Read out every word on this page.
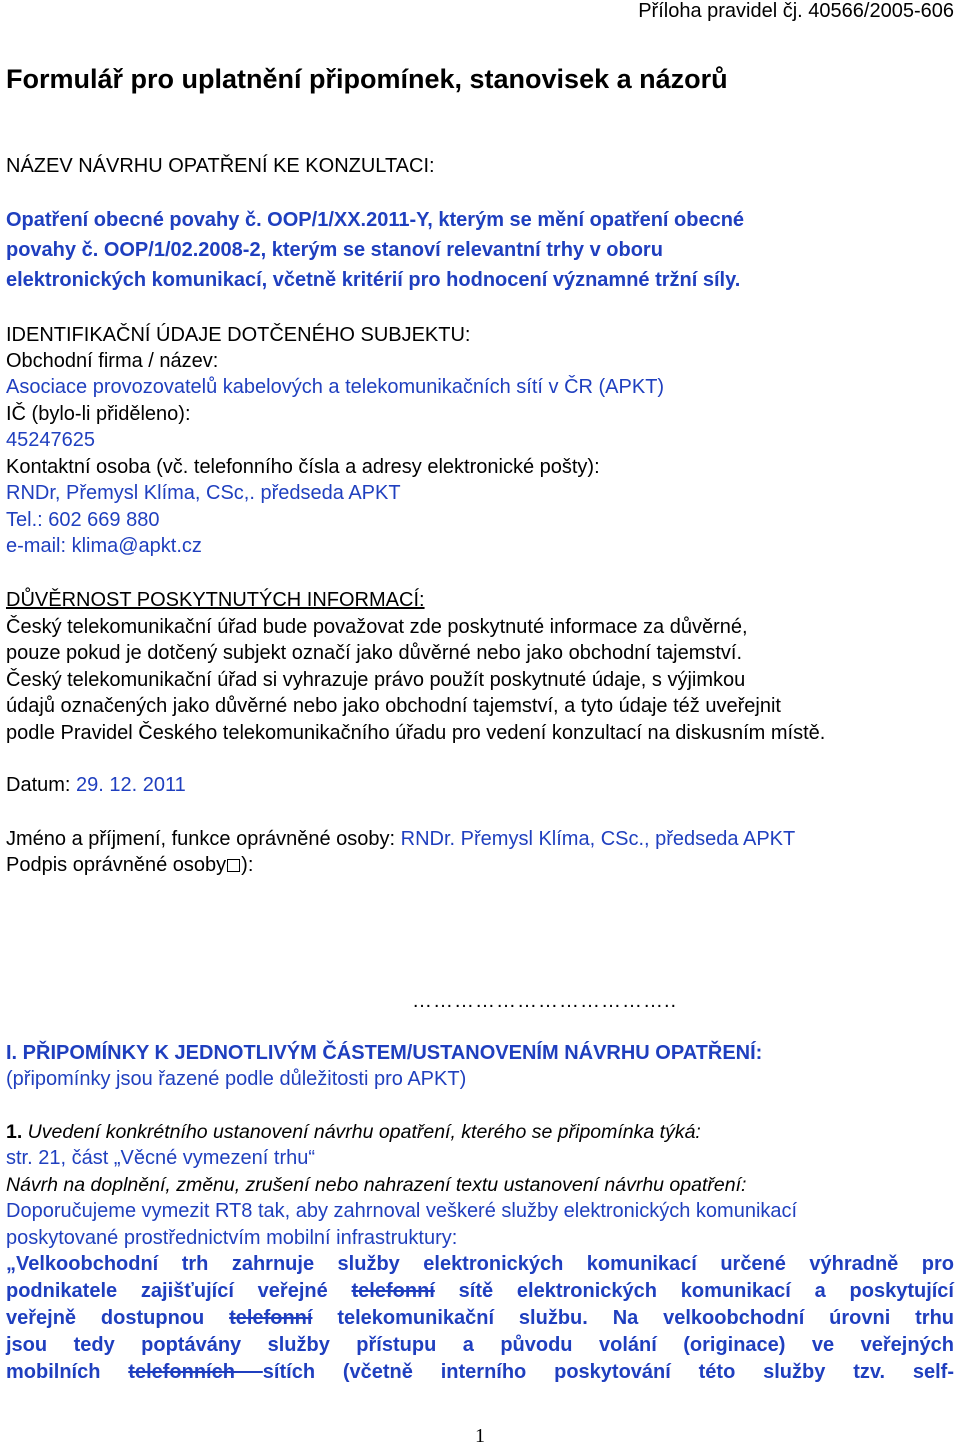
Příloha pravidel čj. 40566/2005-606
Formulář pro uplatnění připomínek, stanovisek a názorů
NÁZEV NÁVRHU OPATŘENÍ KE KONZULTACI:
Opatření obecné povahy č. OOP/1/XX.2011-Y, kterým se mění opatření obecné
povahy č. OOP/1/02.2008-2, kterým se stanoví relevantní trhy v oboru
elektronických komunikací, včetně kritérií pro hodnocení významné tržní síly.
IDENTIFIKAČNÍ ÚDAJE DOTČENÉHO SUBJEKTU:
Obchodní firma / název:
Asociace provozovatelů kabelových a telekomunikačních sítí v ČR (APKT)
IČ (bylo-li přiděleno):
45247625
Kontaktní osoba (vč. telefonního čísla a adresy elektronické pošty):
RNDr, Přemysl Klíma, CSc,. předseda APKT
Tel.: 602 669 880
e-mail: klima@apkt.cz
DŮVĚRNOST POSKYTNUTÝCH INFORMACÍ:
Český telekomunikační úřad bude považovat zde poskytnuté informace za důvěrné,
pouze pokud je dotčený subjekt označí jako důvěrné nebo jako obchodní tajemství.
Český telekomunikační úřad si vyhrazuje právo použít poskytnuté údaje, s výjimkou
údajů označených jako důvěrné nebo jako obchodní tajemství, a tyto údaje též uveřejnit
podle Pravidel Českého telekomunikačního úřadu pro vedení konzultací na diskusním místě.
Datum: 29. 12. 2011
Jméno a příjmení, funkce oprávněné osoby: RNDr. Přemysl Klíma, CSc., předseda APKT
Podpis oprávněné osoby ):
………………………………..
I. PŘIPOMÍNKY K JEDNOTLIVÝM ČÁSTEM/USTANOVENÍM NÁVRHU OPATŘENÍ:
(připomínky jsou řazené podle důležitosti pro APKT)
1. Uvedení konkrétního ustanovení návrhu opatření, kterého se připomínka týká:
str. 21, část „Věcné vymezení trhu“
Návrh na doplnění, změnu, zrušení nebo nahrazení textu ustanovení návrhu opatření:
Doporučujeme vymezit RT8 tak, aby zahrnoval veškeré služby elektronických komunikací
poskytované prostřednictvím mobilní infrastruktury:
„Velkoobchodní trh zahrnuje služby elektronických komunikací určené výhradně pro
podnikatele zajišťující veřejné telefonní sítě elektronických komunikací a poskytující
veřejně dostupnou telefonní telekomunikační službu. Na velkoobchodní úrovni trhu
jsou tedy poptávány služby přístupu a původu volání (originace) ve veřejných
mobilních telefonních sítích (včetně interního poskytování této služby tzv. self-
1
